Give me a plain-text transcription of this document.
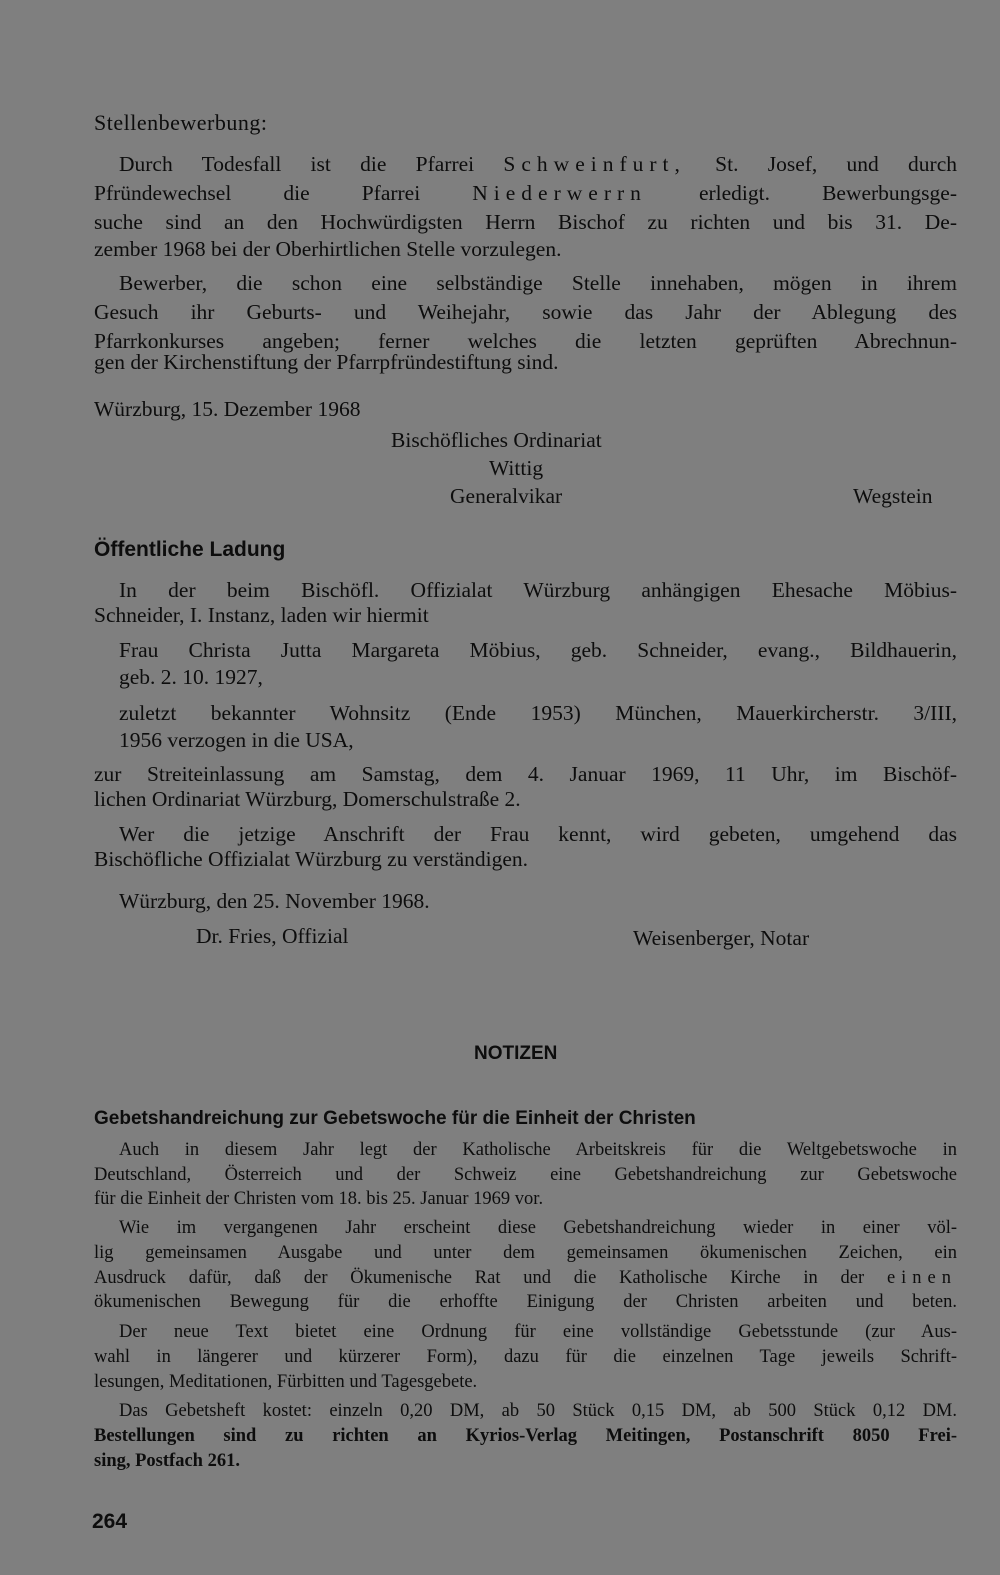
Stellenbewerbung:
Durch Todesfall ist die Pfarrei Schweinfurt, St. Josef, und durch
Pfründewechsel die Pfarrei Niederwerrn erledigt. Bewerbungsge-
suche sind an den Hochwürdigsten Herrn Bischof zu richten und bis 31. De-
zember 1968 bei der Oberhirtlichen Stelle vorzulegen.
Bewerber, die schon eine selbständige Stelle innehaben, mögen in ihrem
Gesuch ihr Geburts- und Weihejahr, sowie das Jahr der Ablegung des
Pfarrkonkurses angeben; ferner welches die letzten geprüften Abrechnun-
gen der Kirchenstiftung der Pfarrpfründestiftung sind.
Würzburg, 15. Dezember 1968
Bischöfliches Ordinariat
Wittig
Generalvikar	Wegstein
Öffentliche Ladung
In der beim Bischöfl. Offizialat Würzburg anhängigen Ehesache Möbius-
Schneider, I. Instanz, laden wir hiermit
Frau Christa Jutta Margareta Möbius, geb. Schneider, evang., Bildhauerin,
geb. 2. 10. 1927,
zuletzt bekannter Wohnsitz (Ende 1953) München, Mauerkircherstr. 3/III,
1956 verzogen in die USA,
zur Streiteinlassung am Samstag, dem 4. Januar 1969, 11 Uhr, im Bischöf-
lichen Ordinariat Würzburg, Domerschulstraße 2.
Wer die jetzige Anschrift der Frau kennt, wird gebeten, umgehend das
Bischöfliche Offizialat Würzburg zu verständigen.
Würzburg, den 25. November 1968.
Dr. Fries, Offizial	Weisenberger, Notar
NOTIZEN
Gebetshandreichung zur Gebetswoche für die Einheit der Christen
Auch in diesem Jahr legt der Katholische Arbeitskreis für die Weltgebetswoche in
Deutschland, Österreich und der Schweiz eine Gebetshandreichung zur Gebetswoche
für die Einheit der Christen vom 18. bis 25. Januar 1969 vor.
Wie im vergangenen Jahr erscheint diese Gebetshandreichung wieder in einer völ-
lig gemeinsamen Ausgabe und unter dem gemeinsamen ökumenischen Zeichen, ein
Ausdruck dafür, daß der Ökumenische Rat und die Katholische Kirche in der einen
ökumenischen Bewegung für die erhoffte Einigung der Christen arbeiten und beten.
Der neue Text bietet eine Ordnung für eine vollständige Gebetsstunde (zur Aus-
wahl in längerer und kürzerer Form), dazu für die einzelnen Tage jeweils Schrift-
lesungen, Meditationen, Fürbitten und Tagesgebete.
Das Gebetsheft kostet: einzeln 0,20 DM, ab 50 Stück 0,15 DM, ab 500 Stück 0,12 DM.
Bestellungen sind zu richten an Kyrios-Verlag Meitingen, Postanschrift 8050 Frei-
sing, Postfach 261.
264
